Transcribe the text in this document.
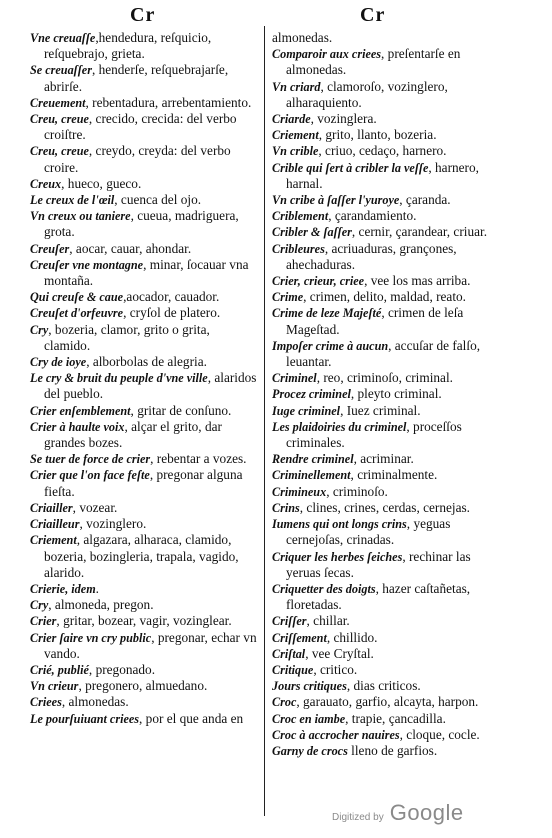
Cr	Cr

Vne creuaſſe,hendedura, reſquicio, reſquebrajo, grieta.

Se creuaſſer, henderſe, reſquebrajarſe, abrirſe.

Creuement, rebentadura, arrebentamiento.

Creu, creue, crecido, crecida: del verbo croiſtre.

Creu, creue, creydo, creyda: del verbo croire.

Creux, hueco, gueco.

Le creux de l'œil, cuenca del ojo.

Vn creux ou taniere, cueua, madriguera, grota.

Creuſer, aocar, cauar, ahondar.

Creuſer vne montagne, minar, ſocauar vna montaña.

Qui creuſe & caue,aocador, cauador.

Creuſet d'orfeuvre, cryſol de platero.

Cry, bozeria, clamor, grito o grita, clamido.

Cry de ioye, alborbolas de alegria.

Le cry & bruit du peuple d'vne ville, alaridos del pueblo.

Crier enſemblement, gritar de conſuno.

Crier à haulte voix, alçar el grito, dar grandes bozes.

Se tuer de force de crier, rebentar a vozes.

Crier que l'on face feſte, pregonar alguna fieſta.

Criailler, vozear.

Criailleur, vozinglero.

Criement, algazara, alharaca, clamido, bozeria, bozingleria, trapala, vagido, alarido.

Crierie, idem.

Cry, almoneda, pregon.

Crier, gritar, bozear, vagir, vozinglear.

Crier ſaire vn cry public, pregonar, echar vn vando.

Crié, publié, pregonado.

Vn crieur, pregonero, almuedano.

Criees, almonedas.

Le pourſuiuant criees, por el que anda en

almonedas.

Comparoir aux criees, preſentarſe en almonedas.

Vn criard, clamoroſo, vozinglero, alharaquiento.

Criarde, vozinglera.

Criement, grito, llanto, bozeria.

Vn crible, criuo, cedaço, harnero.

Crible qui ſert à cribler la veſſe, harnero, harnal.

Vn cribe à ſaſſer l'yuroye, çaranda.

Criblement, çarandamiento.

Cribler & ſaſſer, cernir, çarandear, criuar.

Cribleures, acriuaduras, grançones, ahechaduras.

Crier, crieur, criee, vee los mas arriba.

Crime, crimen, delito, maldad, reato.

Crime de leze Majeſté, crimen de leſa Mageſtad.

Impoſer crime à aucun, accuſar de falſo, leuantar.

Criminel, reo, criminoſo, criminal.

Procez criminel, pleyto criminal.

Iuge criminel, Iuez criminal.

Les plaidoiries du criminel, proceſſos criminales.

Rendre criminel, acriminar.

Criminellement, criminalmente.

Crimineux, criminoſo.

Crins, clines, crines, cerdas, cernejas.

Iumens qui ont longs crins, yeguas cernejoſas, crinadas.

Criquer les herbes ſeiches, rechinar las yeruas ſecas.

Criquetter des doigts, hazer caſtañetas, floretadas.

Criſſer, chillar.

Criſſement, chillido.

Criſtal, vee Cryſtal.

Critique, critico.

Jours critiques, dias criticos.

Croc, garauato, garfio, alcayta, harpon.

Croc en iambe, trapie, çancadilla.

Croc à accrocher nauires, cloque, cocle.

Garny de crocs lleno de garfios.

Digitized by Google
